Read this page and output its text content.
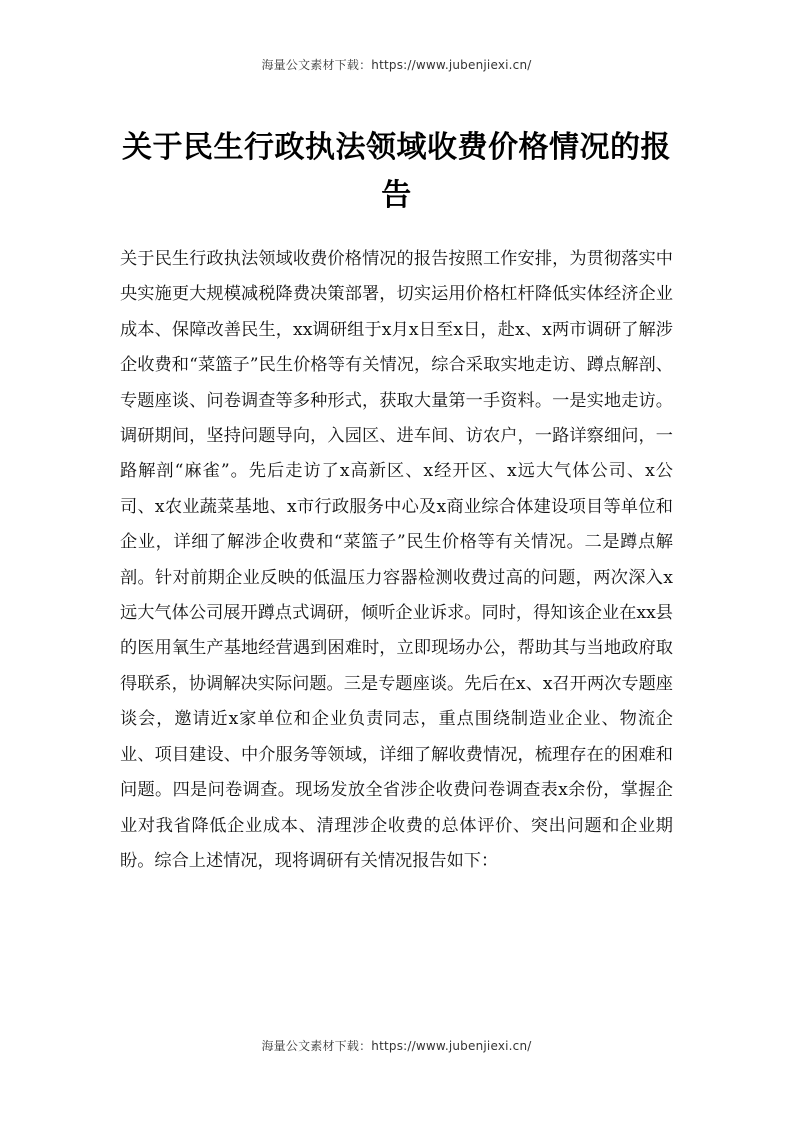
海量公文素材下载：https://www.jubenjiexi.cn/
关于民生行政执法领域收费价格情况的报告

关于民生行政执法领域收费价格情况的报告按照工作安排，为贯彻落实中央实施更大规模减税降费决策部署，切实运用价格杠杆降低实体经济企业成本、保障改善民生，xx调研组于x月x日至x日，赴x、x两市调研了解涉企收费和“菜篮子”民生价格等有关情况，综合采取实地走访、蹲点解剖、专题座谈、问卷调查等多种形式，获取大量第一手资料。一是实地走访。调研期间，坚持问题导向，入园区、进车间、访农户，一路详察细问，一路解剖“麻雀”。先后走访了x高新区、x经开区、x远大气体公司、x公司、x农业蔬菜基地、x市行政服务中心及x商业综合体建设项目等单位和企业，详细了解涉企收费和“菜篮子”民生价格等有关情况。二是蹲点解剖。针对前期企业反映的低温压力容器检测收费过高的问题，两次深入x远大气体公司展开蹲点式调研，倾听企业诉求。同时，得知该企业在xx县的医用氧生产基地经营遇到困难时，立即现场办公，帮助其与当地政府取得联系，协调解决实际问题。三是专题座谈。先后在x、x召开两次专题座谈会，邀请近x家单位和企业负责同志，重点围绕制造业企业、物流企业、项目建设、中介服务等领域，详细了解收费情况，梳理存在的困难和问题。四是问卷调查。现场发放全省涉企收费问卷调查表x余份，掌握企业对我省降低企业成本、清理涉企收费的总体评价、突出问题和企业期盼。综合上述情况，现将调研有关情况报告如下：

海量公文素材下载：https://www.jubenjiexi.cn/
